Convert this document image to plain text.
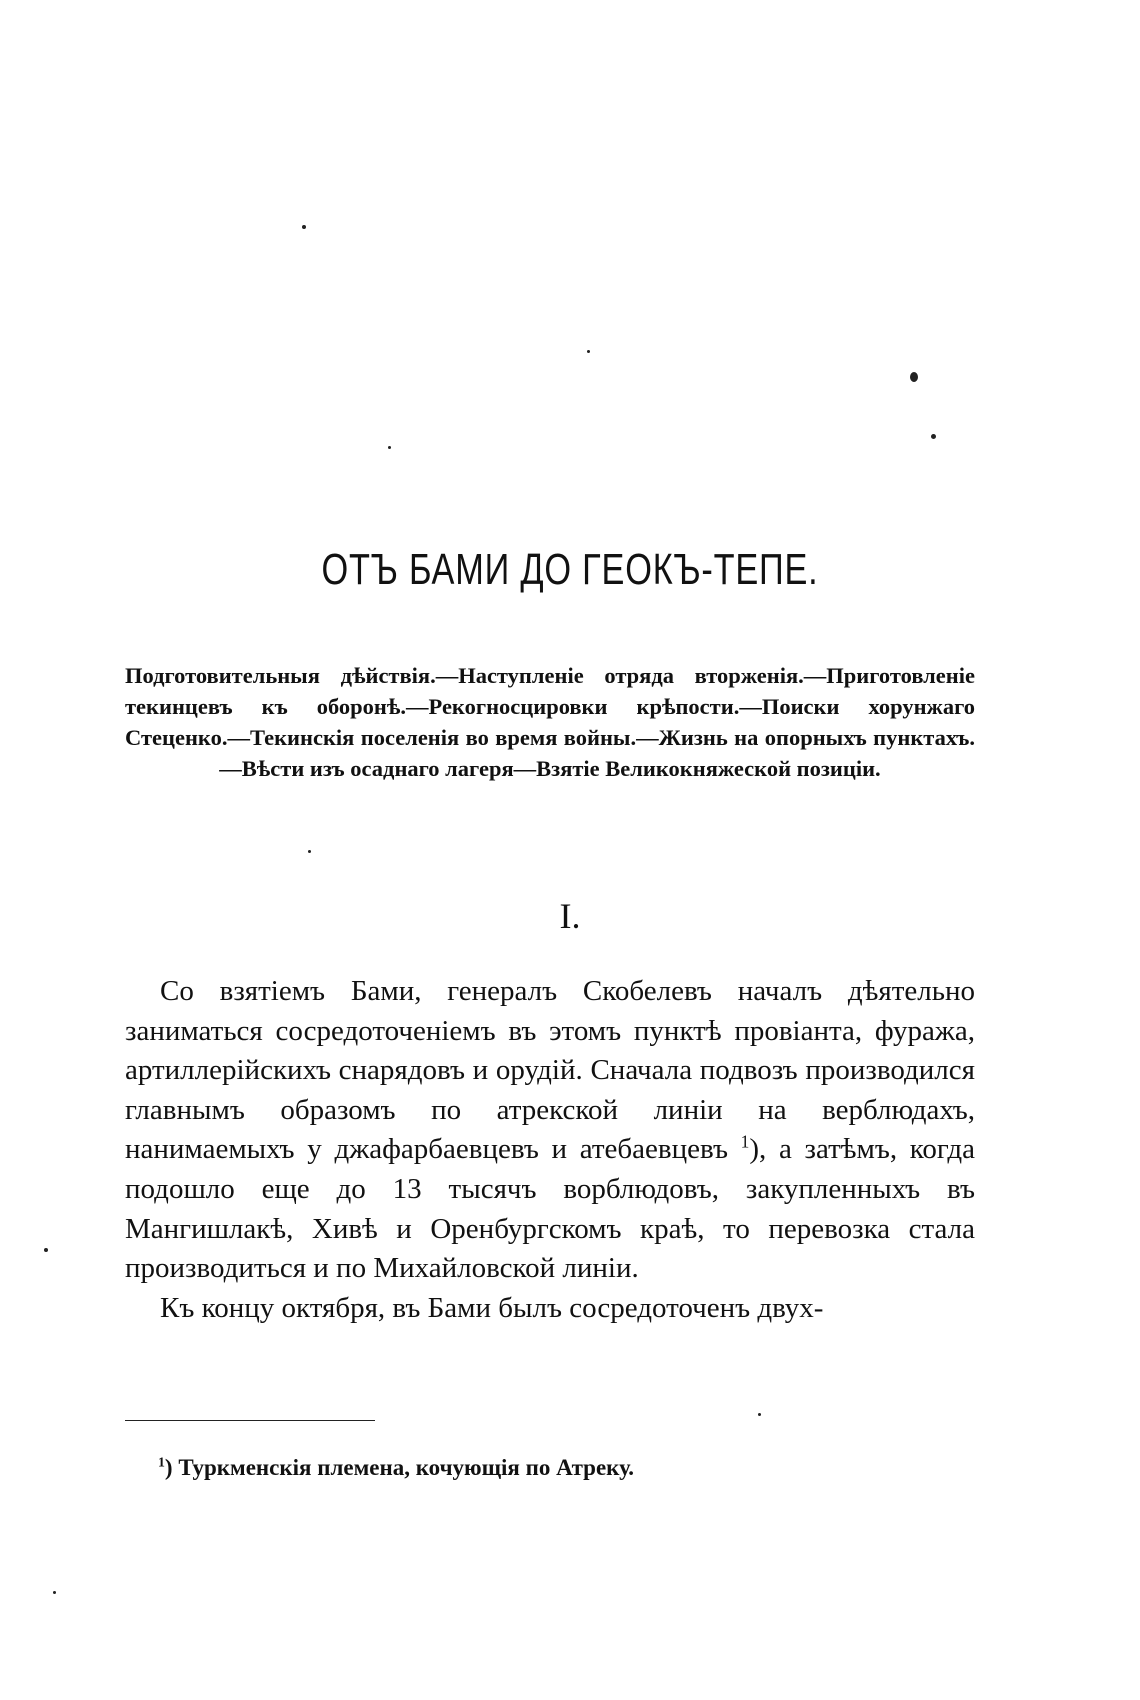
ОТЪ БАМИ ДО ГЕОКЪ-ТЕПЕ.

Подготовительныя дѣйствія.—Наступленіе отряда вторженія.—Приготовленіе текинцевъ къ оборонѣ.—Рекогносцировки крѣпости.—Поиски хорунжаго Стеценко.—Текинскія поселенія во время войны.—Жизнь на опорныхъ пунктахъ.—Вѣсти изъ осаднаго лагеря—Взятіе Великокняжеской позиціи.

I.

Со взятіемъ Бами, генералъ Скобелевъ началъ дѣятельно заниматься сосредоточеніемъ въ этомъ пунктѣ провіанта, фуража, артиллерійскихъ снарядовъ и орудій. Сначала подвозъ производился главнымъ образомъ по атрекской линіи на верблюдахъ, нанимаемыхъ у джафарбаевцевъ и атебаевцевъ $^1$), а затѣмъ, когда подошло еще до 13 тысячъ ворблюдовъ, закупленныхъ въ Мангишлакѣ, Хивѣ и Оренбургскомъ краѣ, то перевозка стала производиться и по Михайловской линіи.

Къ концу октября, въ Бами былъ сосредоточенъ двух-

$^1$) Туркменскія племена, кочующія по Атреку.
